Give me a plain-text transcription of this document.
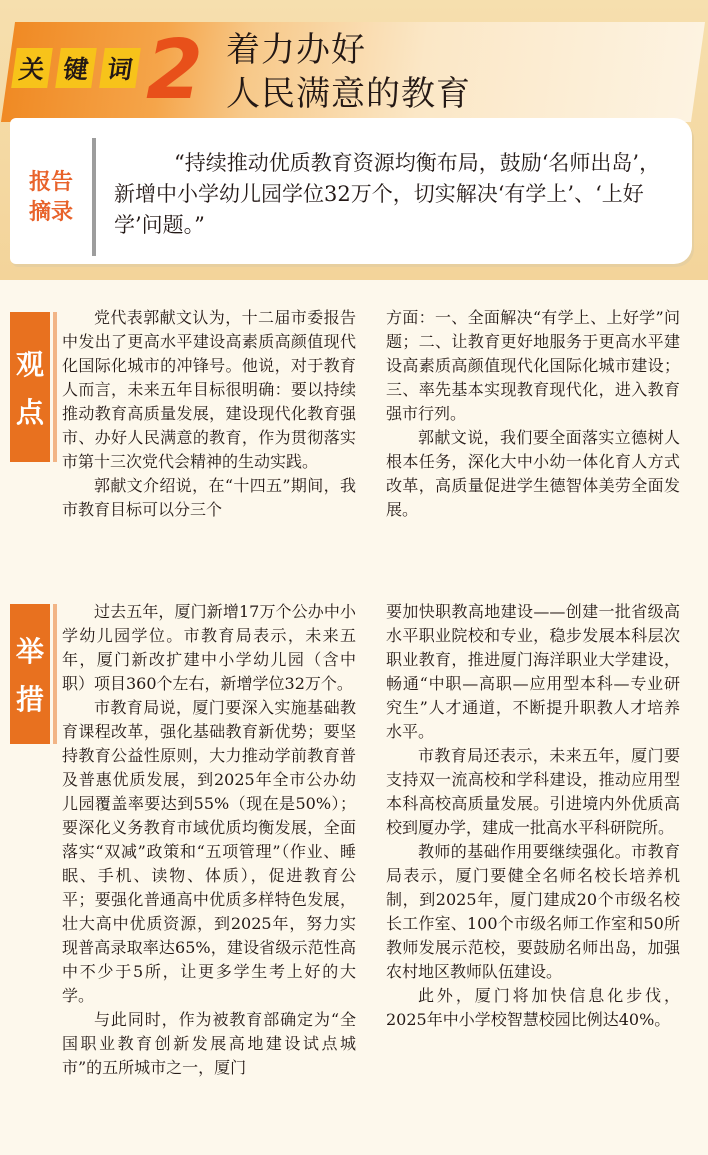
关 键 词 2 着力办好
人民满意的教育
报告
摘录

“持续推动优质教育资源均衡布局，鼓励‘名师出岛’，新增中小学幼儿园学位32万个，切实解决‘有学上’、‘上好学’问题。”

观
点

党代表郭献文认为，十二届市委报告中发出了更高水平建设高素质高颜值现代化国际化城市的冲锋号。他说，对于教育人而言，未来五年目标很明确：要以持续推动教育高质量发展，建设现代化教育强市、办好人民满意的教育，作为贯彻落实市第十三次党代会精神的生动实践。

郭献文介绍说，在“十四五”期间，我市教育目标可以分三个

方面：一、全面解决“有学上、上好学”问题；二、让教育更好地服务于更高水平建设高素质高颜值现代化国际化城市建设；三、率先基本实现教育现代化，进入教育强市行列。

郭献文说，我们要全面落实立德树人根本任务，深化大中小幼一体化育人方式改革，高质量促进学生德智体美劳全面发展。

举
措

过去五年，厦门新增17万个公办中小学幼儿园学位。市教育局表示，未来五年，厦门新改扩建中小学幼儿园（含中职）项目360个左右，新增学位32万个。

市教育局说，厦门要深入实施基础教育课程改革，强化基础教育新优势；要坚持教育公益性原则，大力推动学前教育普及普惠优质发展，到2025年全市公办幼儿园覆盖率要达到55%（现在是50%）；要深化义务教育市域优质均衡发展，全面落实“双减”政策和“五项管理”（作业、睡眠、手机、读物、体质），促进教育公平；要强化普通高中优质多样特色发展，壮大高中优质资源，到2025年，努力实现普高录取率达65%，建设省级示范性高中不少于5所，让更多学生考上好的大学。

与此同时，作为被教育部确定为“全国职业教育创新发展高地建设试点城市”的五所城市之一，厦门

要加快职教高地建设——创建一批省级高水平职业院校和专业，稳步发展本科层次职业教育，推进厦门海洋职业大学建设，畅通“中职—高职—应用型本科—专业研究生”人才通道，不断提升职教人才培养水平。

市教育局还表示，未来五年，厦门要支持双一流高校和学科建设，推动应用型本科高校高质量发展。引进境内外优质高校到厦办学，建成一批高水平科研院所。

教师的基础作用要继续强化。市教育局表示，厦门要健全名师名校长培养机制，到2025年，厦门建成20个市级名校长工作室、100个市级名师工作室和50所教师发展示范校，要鼓励名师出岛，加强农村地区教师队伍建设。

此外，厦门将加快信息化步伐，2025年中小学校智慧校园比例达40%。
